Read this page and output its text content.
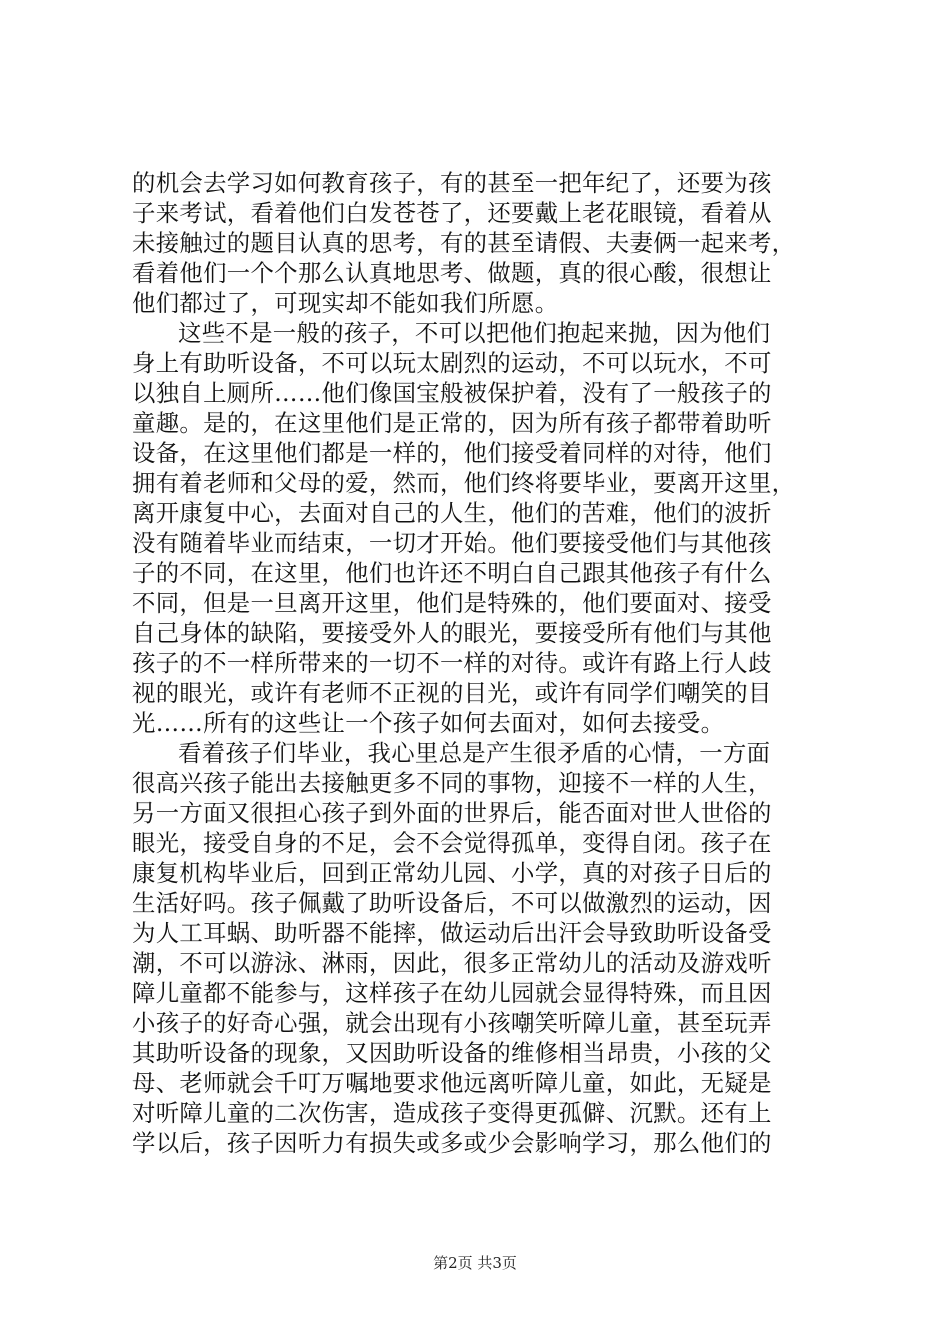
的机会去学习如何教育孩子，有的甚至一把年纪了，还要为孩
子来考试，看着他们白发苍苍了，还要戴上老花眼镜，看着从
未接触过的题目认真的思考，有的甚至请假、夫妻俩一起来考，
看着他们一个个那么认真地思考、做题，真的很心酸，很想让
他们都过了，可现实却不能如我们所愿。
这些不是一般的孩子，不可以把他们抱起来抛，因为他们
身上有助听设备，不可以玩太剧烈的运动，不可以玩水，不可
以独自上厕所……他们像国宝般被保护着，没有了一般孩子的
童趣。是的，在这里他们是正常的，因为所有孩子都带着助听
设备，在这里他们都是一样的，他们接受着同样的对待，他们
拥有着老师和父母的爱，然而，他们终将要毕业，要离开这里，
离开康复中心，去面对自己的人生，他们的苦难，他们的波折
没有随着毕业而结束，一切才开始。他们要接受他们与其他孩
子的不同，在这里，他们也许还不明白自己跟其他孩子有什么
不同，但是一旦离开这里，他们是特殊的，他们要面对、接受
自己身体的缺陷，要接受外人的眼光，要接受所有他们与其他
孩子的不一样所带来的一切不一样的对待。或许有路上行人歧
视的眼光，或许有老师不正视的目光，或许有同学们嘲笑的目
光……所有的这些让一个孩子如何去面对，如何去接受。
看着孩子们毕业，我心里总是产生很矛盾的心情，一方面
很高兴孩子能出去接触更多不同的事物，迎接不一样的人生，
另一方面又很担心孩子到外面的世界后，能否面对世人世俗的
眼光，接受自身的不足，会不会觉得孤单，变得自闭。孩子在
康复机构毕业后，回到正常幼儿园、小学，真的对孩子日后的
生活好吗。孩子佩戴了助听设备后，不可以做激烈的运动，因
为人工耳蜗、助听器不能摔，做运动后出汗会导致助听设备受
潮，不可以游泳、淋雨，因此，很多正常幼儿的活动及游戏听
障儿童都不能参与，这样孩子在幼儿园就会显得特殊，而且因
小孩子的好奇心强，就会出现有小孩嘲笑听障儿童，甚至玩弄
其助听设备的现象，又因助听设备的维修相当昂贵，小孩的父
母、老师就会千叮万嘱地要求他远离听障儿童，如此，无疑是
对听障儿童的二次伤害，造成孩子变得更孤僻、沉默。还有上
学以后，孩子因听力有损失或多或少会影响学习，那么他们的
第2页 共3页
